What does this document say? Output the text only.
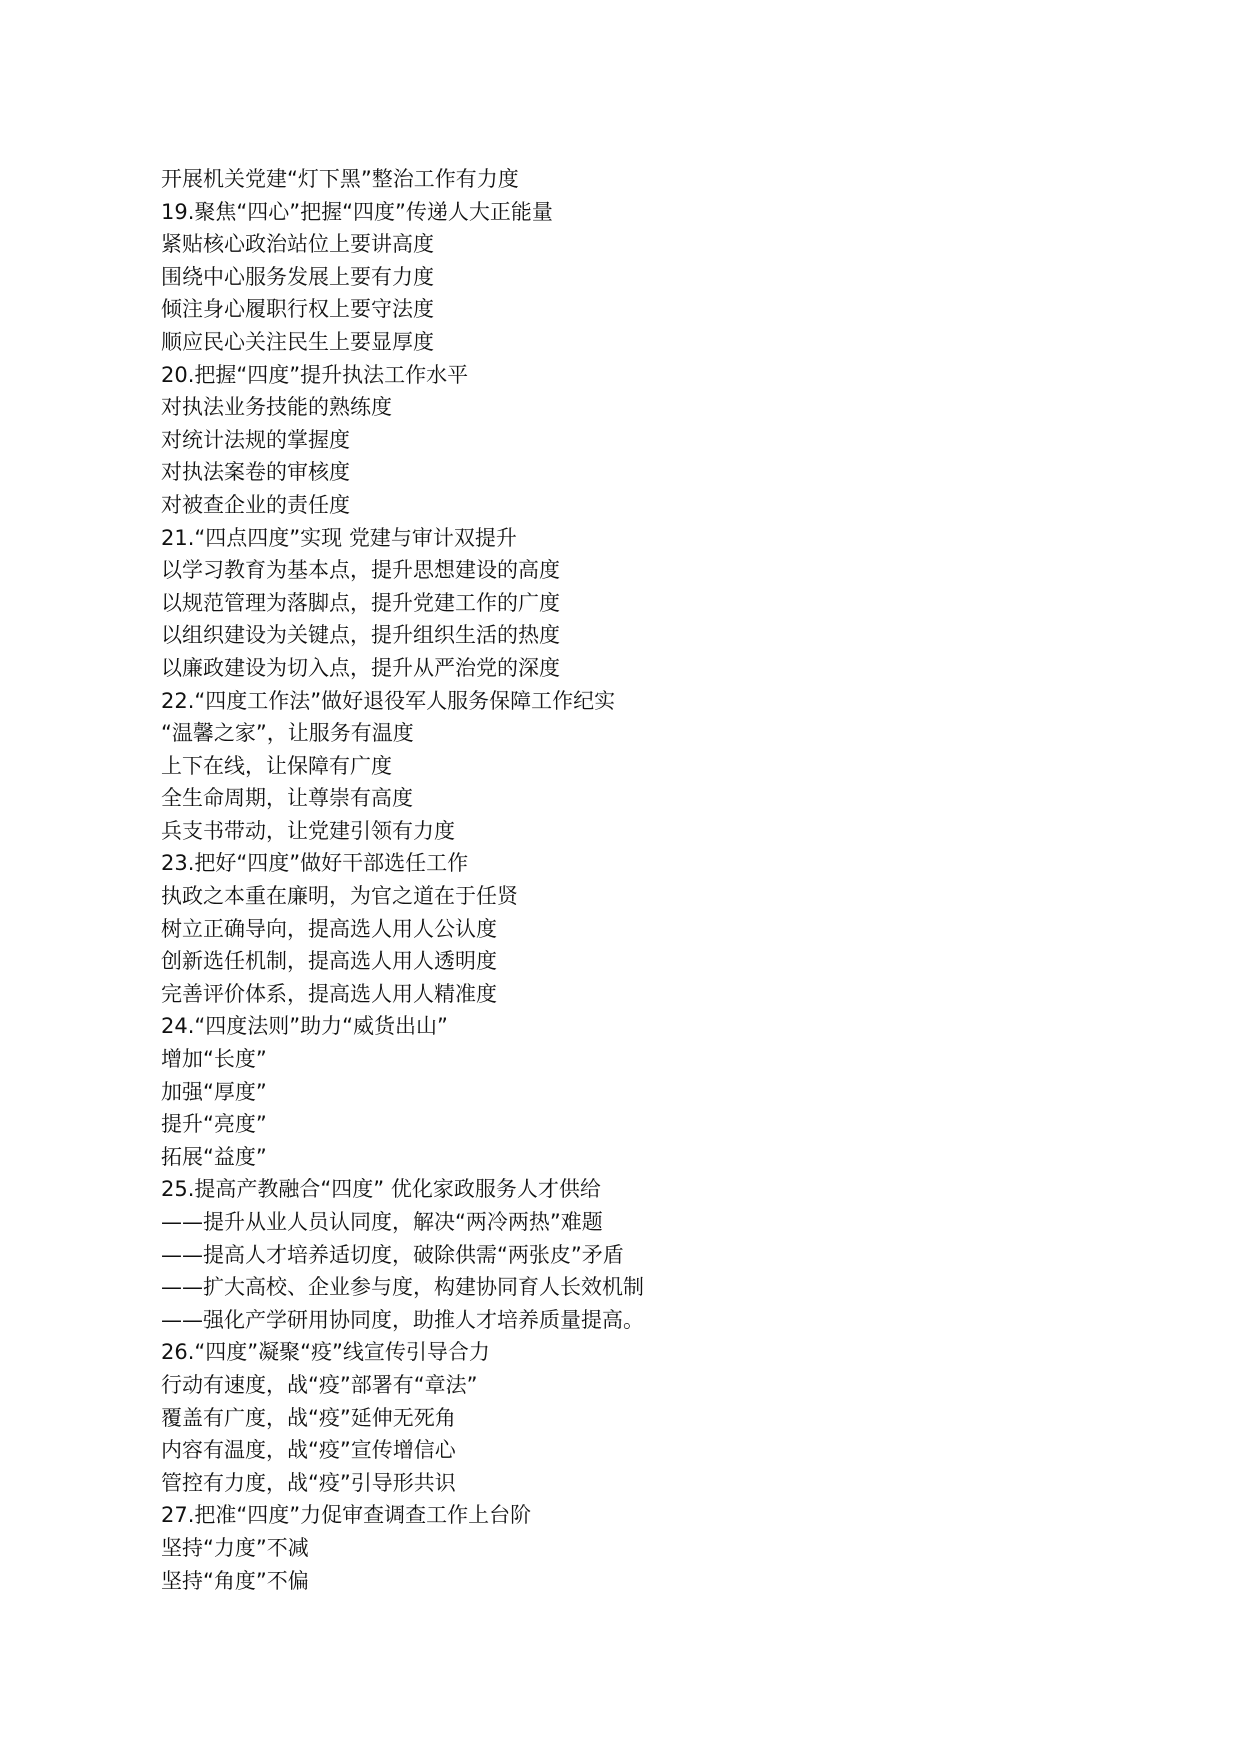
开展机关党建“灯下黑”整治工作有力度
19.聚焦“四心”把握“四度”传递人大正能量
紧贴核心政治站位上要讲高度
围绕中心服务发展上要有力度
倾注身心履职行权上要守法度
顺应民心关注民生上要显厚度
20.把握“四度”提升执法工作水平
对执法业务技能的熟练度
对统计法规的掌握度
对执法案卷的审核度
对被查企业的责任度
21.“四点四度”实现 党建与审计双提升
以学习教育为基本点，提升思想建设的高度
以规范管理为落脚点，提升党建工作的广度
以组织建设为关键点，提升组织生活的热度
以廉政建设为切入点，提升从严治党的深度
22.“四度工作法”做好退役军人服务保障工作纪实
“温馨之家”，让服务有温度
上下在线，让保障有广度
全生命周期，让尊崇有高度
兵支书带动，让党建引领有力度
23.把好“四度”做好干部选任工作
执政之本重在廉明，为官之道在于任贤
树立正确导向，提高选人用人公认度
创新选任机制，提高选人用人透明度
完善评价体系，提高选人用人精准度
24.“四度法则”助力“威货出山”
增加“长度”
加强“厚度”
提升“亮度”
拓展“益度”
25.提高产教融合“四度” 优化家政服务人才供给
——提升从业人员认同度，解决“两冷两热”难题
——提高人才培养适切度，破除供需“两张皮”矛盾
——扩大高校、企业参与度，构建协同育人长效机制
——强化产学研用协同度，助推人才培养质量提高。
26.“四度”凝聚“疫”线宣传引导合力
行动有速度，战“疫”部署有“章法”
覆盖有广度，战“疫”延伸无死角
内容有温度，战“疫”宣传增信心
管控有力度，战“疫”引导形共识
27.把准“四度”力促审查调查工作上台阶
坚持“力度”不减
坚持“角度”不偏
